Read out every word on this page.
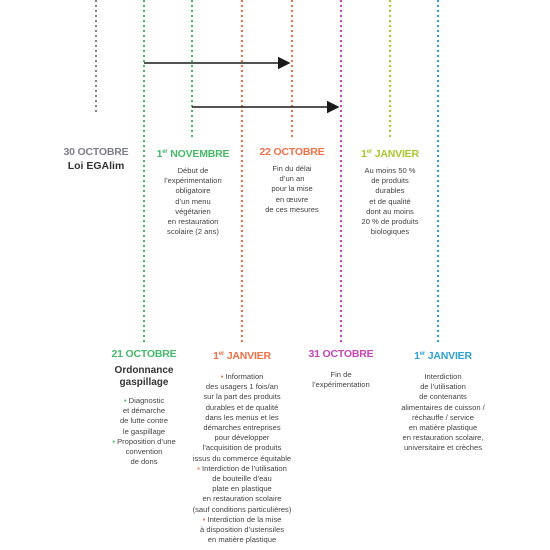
30 OCTOBRE
Loi EGAlim
1er NOVEMBRE
Début de
l’expérimentation
obligatoire
d’un menu
végétarien
en restauration
scolaire (2 ans)
22 OCTOBRE
Fin du délai
d’un an
pour la mise
en œuvre
de ces mesures
1er JANVIER
Au moins 50 %
de produits
durables
et de qualité
dont au moins
20 % de produits
biologiques
21 OCTOBRE
Ordonnance gaspillage
▪ Diagnostic
et démarche
de lutte contre
le gaspillage
▪ Proposition d’une
convention
de dons
1er JANVIER
▪ Information
des usagers 1 fois/an
sur la part des produits
durables et de qualité
dans les menus et les
démarches entreprises
pour développer
l’acquisition de produits
issus du commerce équitable
▪ Interdiction de l’utilisation
de bouteille d’eau
plate en plastique
en restauration scolaire
(sauf conditions particulières)
▪ Interdiction de la mise
à disposition d’ustensiles
en matière plastique
31 OCTOBRE
Fin de
l’expérimentation
1er JANVIER
Interdiction
de l’utilisation
de contenants
alimentaires de cuisson /
réchauffe / service
en matière plastique
en restauration scolaire,
universitaire et crèches
